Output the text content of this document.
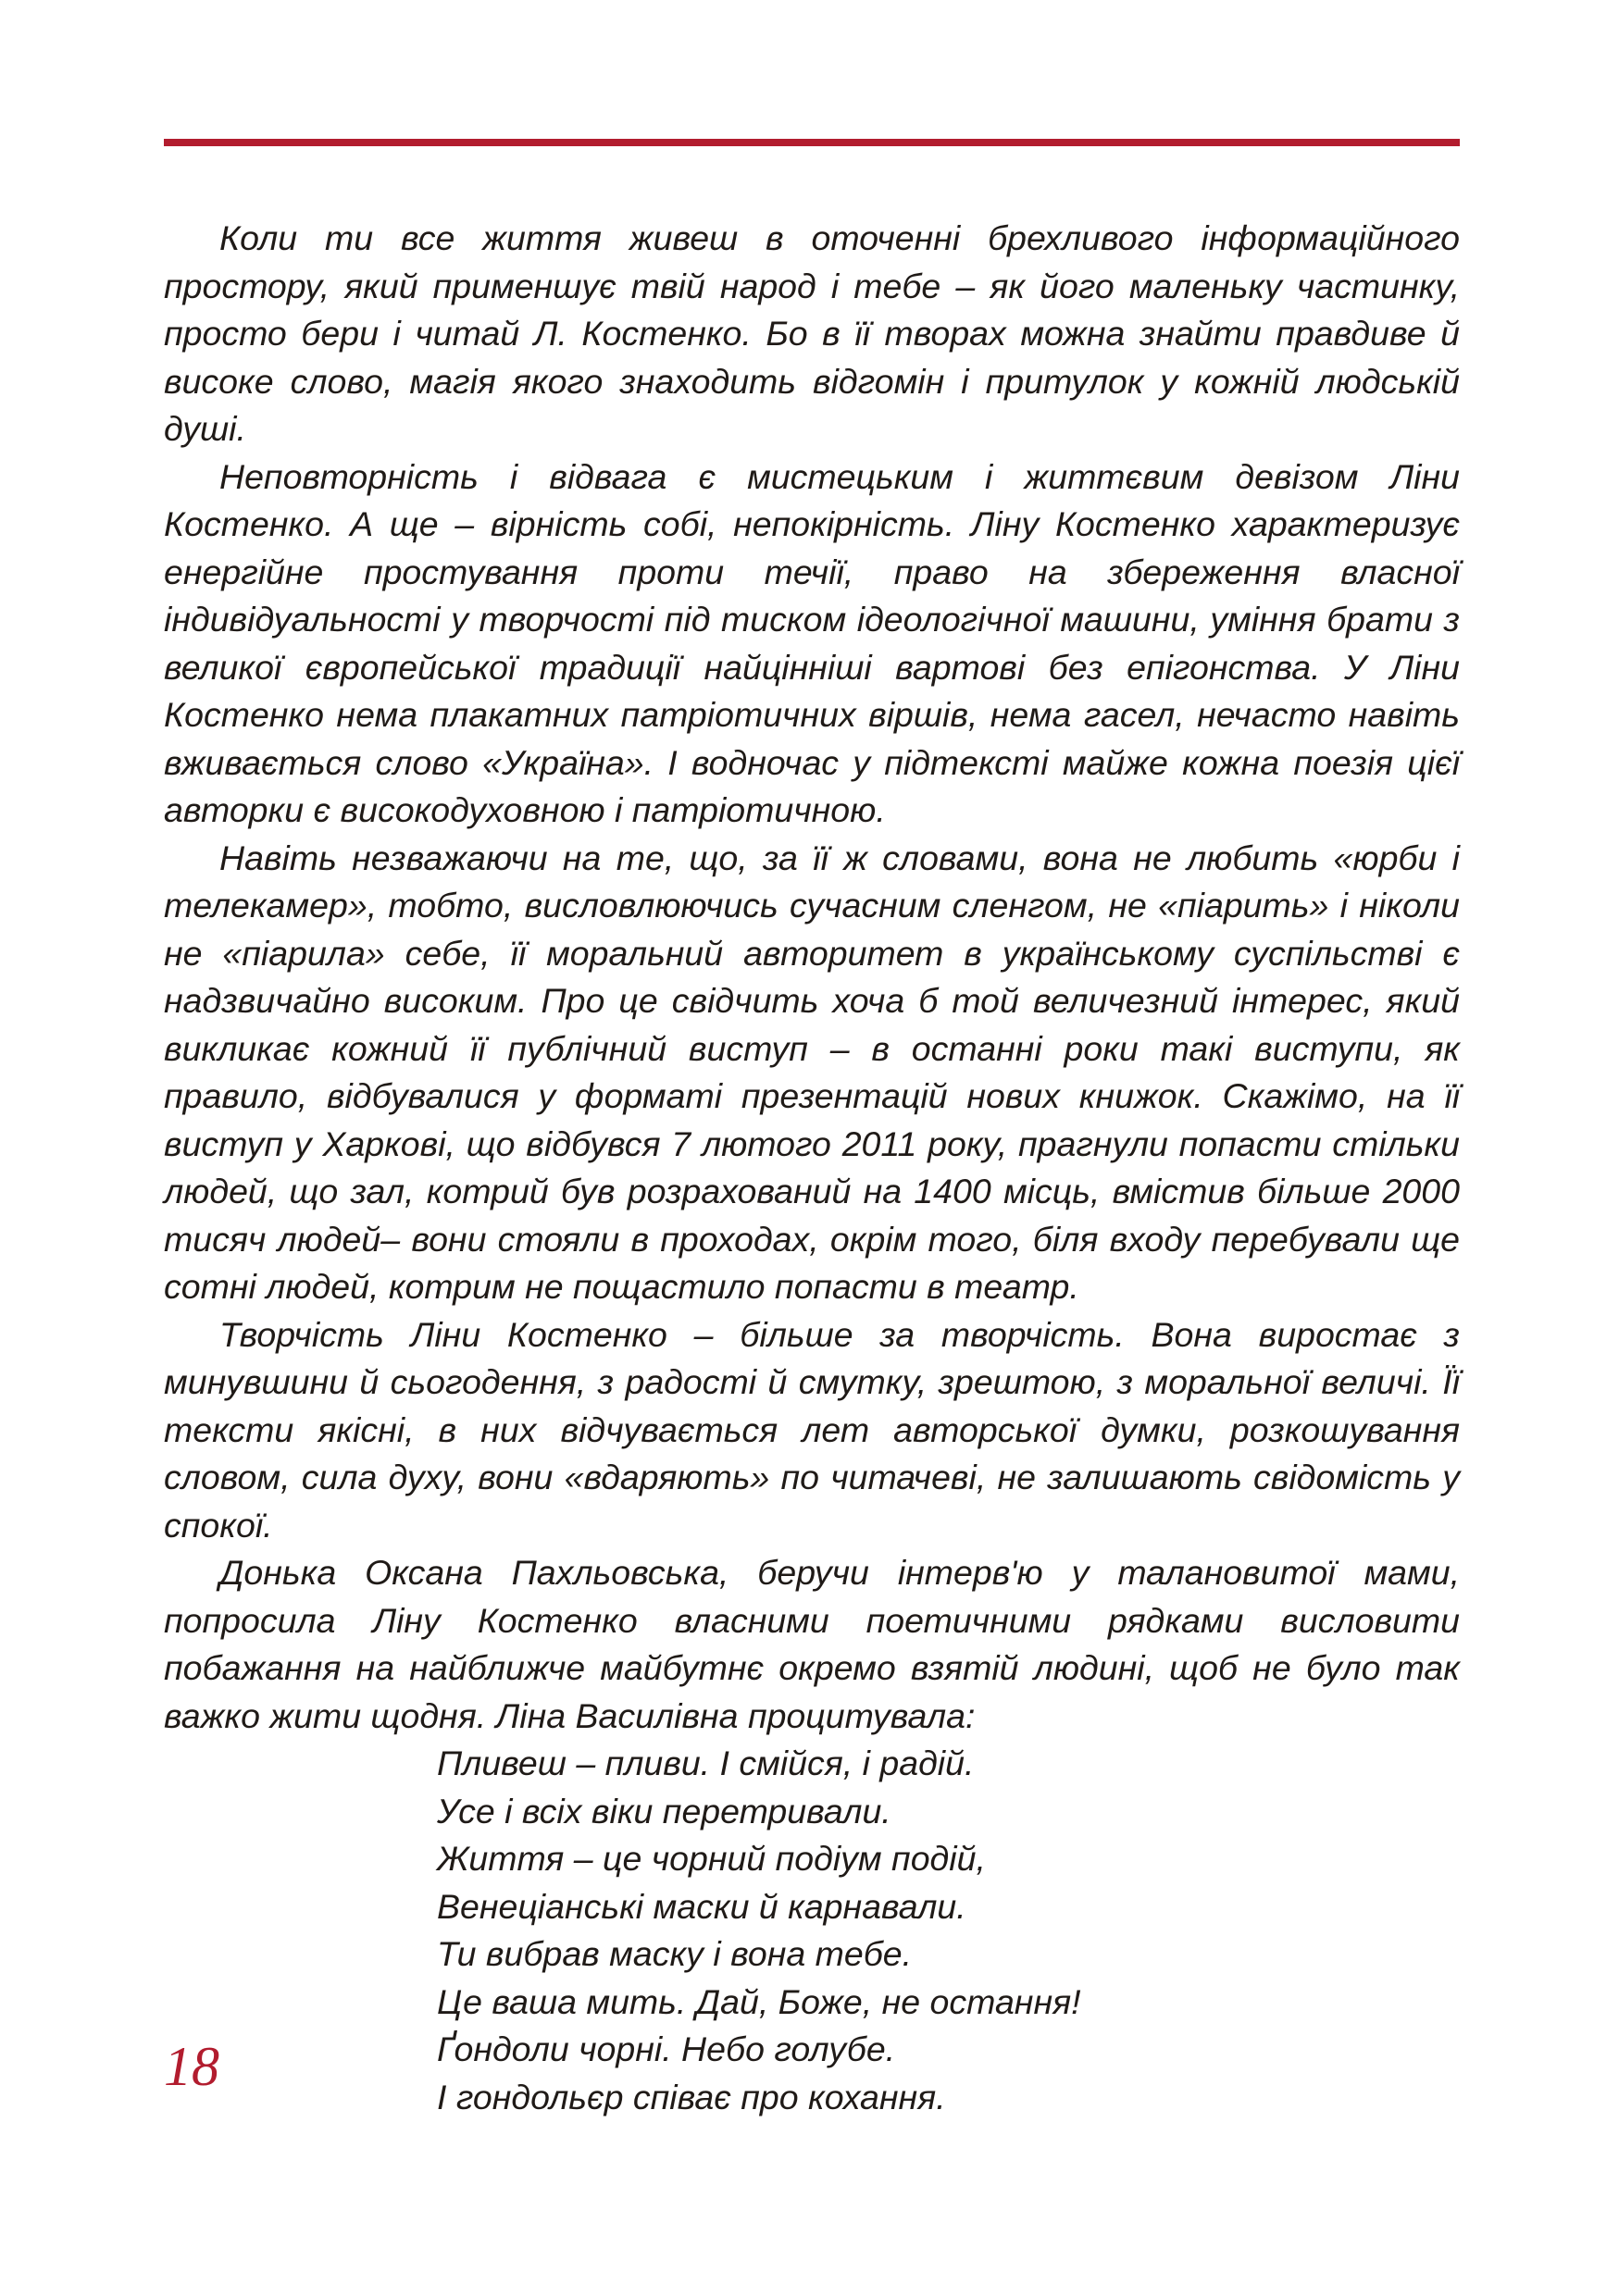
Коли ти все життя живеш в оточенні брехливого інформаційного простору, який применшує твій народ і тебе – як його маленьку частинку, просто бери і читай Л. Костенко. Бо в її творах можна знайти правдиве й високе слово, магія якого знаходить відгомін і притулок у кожній людській душі.

Неповторність і відвага є мистецьким і життєвим девізом Ліни Костенко. А ще – вірність собі, непокірність. Ліну Костенко характеризує енергійне простування проти течії, право на збереження власної індивідуальності у творчості під тиском ідеологічної машини, уміння брати з великої європейської традиції найцінніші вартові без епігонства. У Ліни Костенко нема плакатних патріотичних віршів, нема гасел, нечасто навіть вживається слово «Україна». І водночас у підтексті майже кожна поезія цієї авторки є високодуховною і патріотичною.

Навіть незважаючи на те, що, за її ж словами, вона не любить «юрби і телекамер», тобто, висловлюючись сучасним сленгом, не «піарить» і ніколи не «піарила» себе, її моральний авторитет в українському суспільстві є надзвичайно високим. Про це свідчить хоча б той величезний інтерес, який викликає кожний її публічний виступ – в останні роки такі виступи, як правило, відбувалися у форматі презентацій нових книжок. Скажімо, на її виступ у Харкові, що відбувся 7 лютого 2011 року, прагнули попасти стільки людей, що зал, котрий був розрахований на 1400 місць, вмістив більше 2000 тисяч людей– вони стояли в проходах, окрім того, біля входу перебували ще сотні людей, котрим не пощастило попасти в театр.

Творчість Ліни Костенко – більше за творчість. Вона виростає з минувшини й сьогодення, з радості й смутку, зрештою, з моральної величі. Її тексти якісні, в них відчувається лет авторської думки, розкошування словом, сила духу, вони «вдаряють» по читачеві, не залишають свідомість у спокої.

Донька Оксана Пахльовська, беручи інтерв'ю у талановитої мами, попросила Ліну Костенко власними поетичними рядками висловити побажання на найближче майбутнє окремо взятій людині, щоб не було так важко жити щодня. Ліна Василівна процитувала:

Пливеш – пливи. І смійся, і радій.
Усе і всіх віки перетривали.
Життя – це чорний подіум подій,
Венеціанські маски й карнавали.
Ти вибрав маску і вона тебе.
Це ваша мить. Дай, Боже, не остання!
Ґондоли чорні. Небо голубе.
І гондольєр співає про кохання.
18
